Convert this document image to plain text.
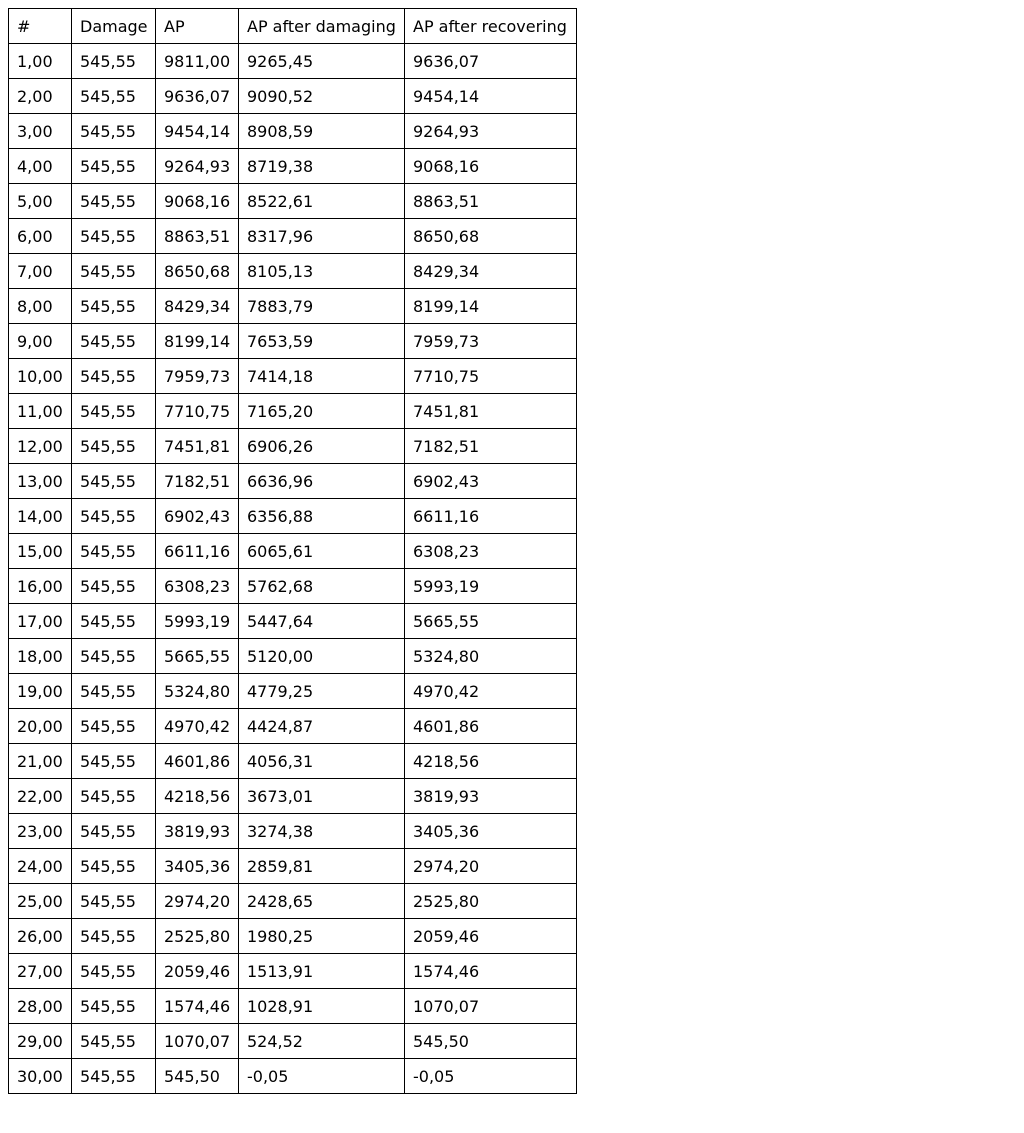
#	Damage	AP	AP after damaging	AP after recovering
1,00	545,55	9811,00	9265,45	9636,07
2,00	545,55	9636,07	9090,52	9454,14
3,00	545,55	9454,14	8908,59	9264,93
4,00	545,55	9264,93	8719,38	9068,16
5,00	545,55	9068,16	8522,61	8863,51
6,00	545,55	8863,51	8317,96	8650,68
7,00	545,55	8650,68	8105,13	8429,34
8,00	545,55	8429,34	7883,79	8199,14
9,00	545,55	8199,14	7653,59	7959,73
10,00	545,55	7959,73	7414,18	7710,75
11,00	545,55	7710,75	7165,20	7451,81
12,00	545,55	7451,81	6906,26	7182,51
13,00	545,55	7182,51	6636,96	6902,43
14,00	545,55	6902,43	6356,88	6611,16
15,00	545,55	6611,16	6065,61	6308,23
16,00	545,55	6308,23	5762,68	5993,19
17,00	545,55	5993,19	5447,64	5665,55
18,00	545,55	5665,55	5120,00	5324,80
19,00	545,55	5324,80	4779,25	4970,42
20,00	545,55	4970,42	4424,87	4601,86
21,00	545,55	4601,86	4056,31	4218,56
22,00	545,55	4218,56	3673,01	3819,93
23,00	545,55	3819,93	3274,38	3405,36
24,00	545,55	3405,36	2859,81	2974,20
25,00	545,55	2974,20	2428,65	2525,80
26,00	545,55	2525,80	1980,25	2059,46
27,00	545,55	2059,46	1513,91	1574,46
28,00	545,55	1574,46	1028,91	1070,07
29,00	545,55	1070,07	524,52	545,50
30,00	545,55	545,50	-0,05	-0,05
